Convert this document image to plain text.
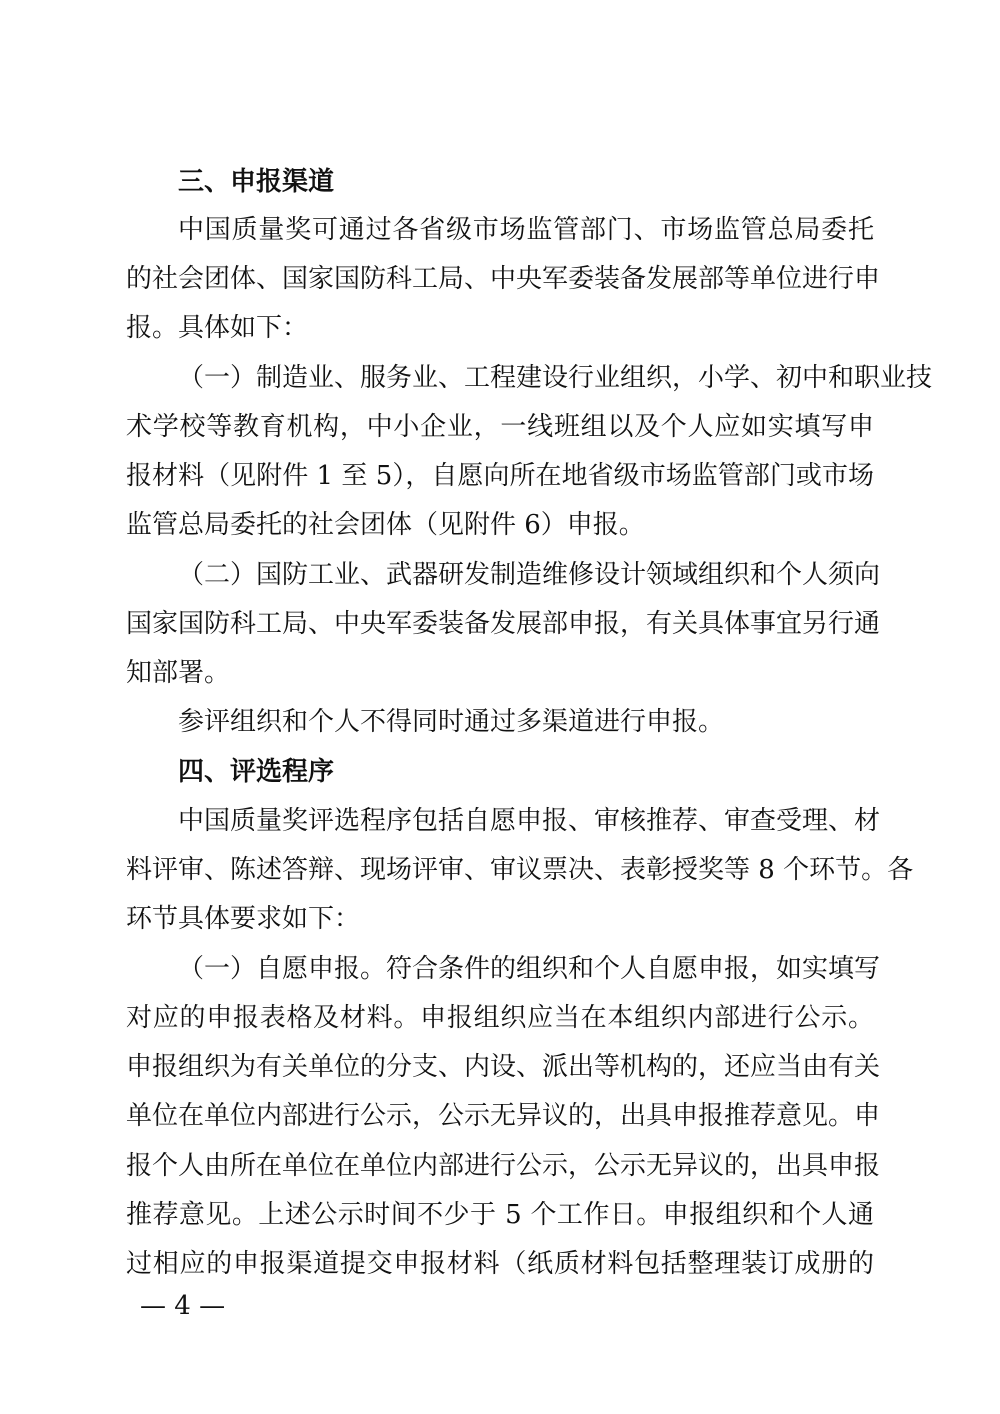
三、申报渠道
中国质量奖可通过各省级市场监管部门、市场监管总局委托
的社会团体、国家国防科工局、中央军委装备发展部等单位进行申
报。具体如下：
（一）制造业、服务业、工程建设行业组织，小学、初中和职业技
术学校等教育机构，中小企业，一线班组以及个人应如实填写申
报材料（见附件 1 至 5），自愿向所在地省级市场监管部门或市场
监管总局委托的社会团体（见附件 6）申报。
（二）国防工业、武器研发制造维修设计领域组织和个人须向
国家国防科工局、中央军委装备发展部申报，有关具体事宜另行通
知部署。
参评组织和个人不得同时通过多渠道进行申报。
四、评选程序
中国质量奖评选程序包括自愿申报、审核推荐、审查受理、材
料评审、陈述答辩、现场评审、审议票决、表彰授奖等 8 个环节。各
环节具体要求如下：
（一）自愿申报。符合条件的组织和个人自愿申报，如实填写
对应的申报表格及材料。申报组织应当在本组织内部进行公示。
申报组织为有关单位的分支、内设、派出等机构的，还应当由有关
单位在单位内部进行公示，公示无异议的，出具申报推荐意见。申
报个人由所在单位在单位内部进行公示，公示无异议的，出具申报
推荐意见。上述公示时间不少于 5 个工作日。申报组织和个人通
过相应的申报渠道提交申报材料（纸质材料包括整理装订成册的
— 4 —
